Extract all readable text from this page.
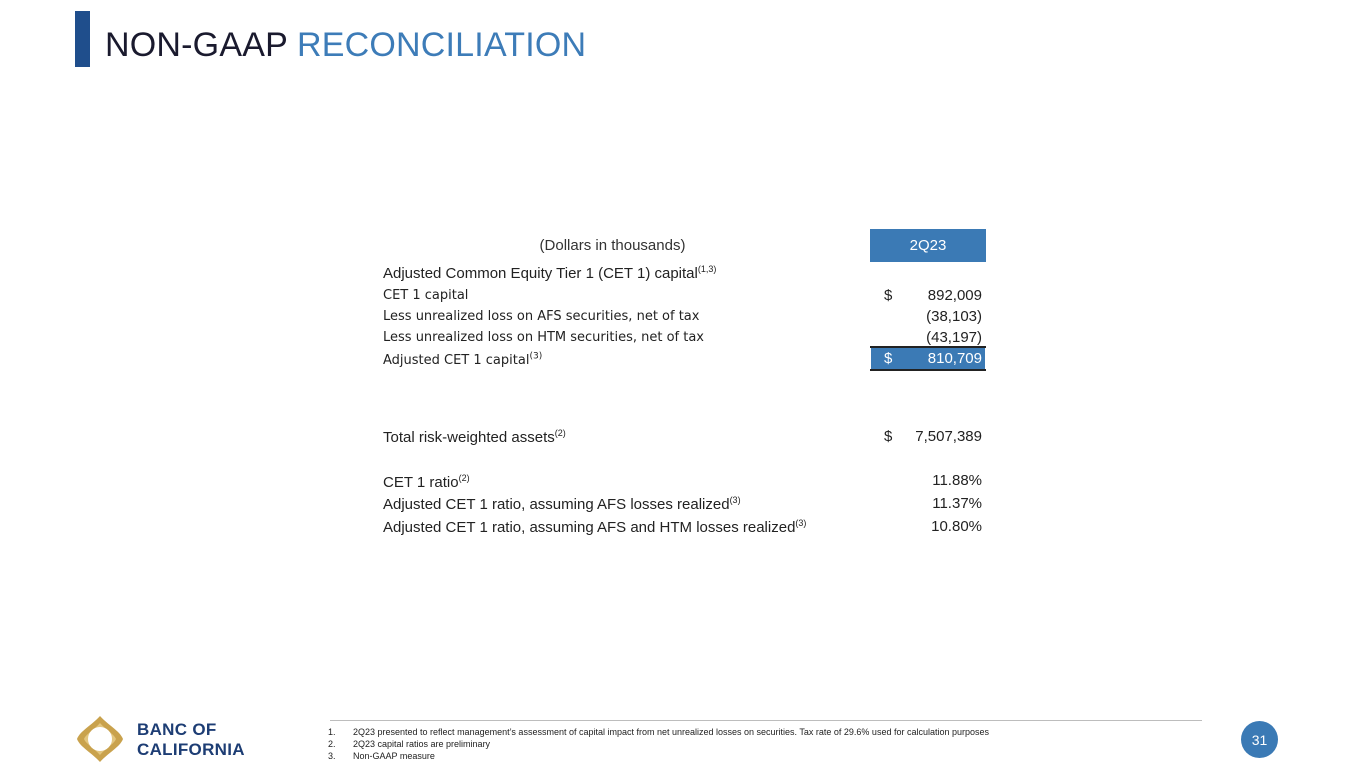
NON-GAAP RECONCILIATION
(Dollars in thousands)	2Q23
Adjusted Common Equity Tier 1 (CET 1) capital$^{(1,3)}$
CET 1 capital	$ 892,009
Less unrealized loss on AFS securities, net of tax	(38,103)
Less unrealized loss on HTM securities, net of tax	(43,197)
Adjusted CET 1 capital$^{(3)}$	$ 810,709
Total risk-weighted assets$^{(2)}$	$ 7,507,389
CET 1 ratio$^{(2)}$	11.88%
Adjusted CET 1 ratio, assuming AFS losses realized$^{(3)}$	11.37%
Adjusted CET 1 ratio, assuming AFS and HTM losses realized$^{(3)}$	10.80%
1. 2Q23 presented to reflect management’s assessment of capital impact from net unrealized losses on securities. Tax rate of 29.6% used for calculation purposes
2. 2Q23 capital ratios are preliminary
3. Non-GAAP measure
31
BANC OF
CALIFORNIA
